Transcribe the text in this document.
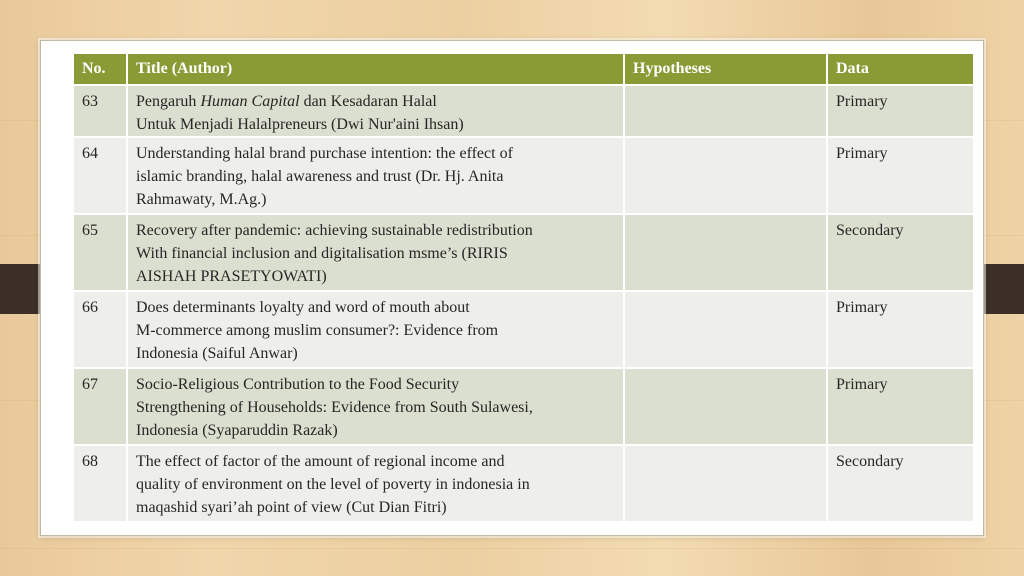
No.	Title (Author)	Hypotheses	Data
63	Pengaruh Human Capital dan Kesadaran Halal
Untuk Menjadi Halalpreneurs (Dwi Nur'aini Ihsan)		Primary
64	Understanding halal brand purchase intention: the effect of
islamic branding, halal awareness and trust (Dr. Hj. Anita
Rahmawaty, M.Ag.)		Primary
65	Recovery after pandemic: achieving sustainable redistribution
With financial inclusion and digitalisation msme’s (RIRIS
AISHAH PRASETYOWATI)		Secondary
66	Does determinants loyalty and word of mouth about
M-commerce among muslim consumer?: Evidence from
Indonesia (Saiful Anwar)		Primary
67	Socio-Religious Contribution to the Food Security
Strengthening of Households: Evidence from South Sulawesi,
Indonesia (Syaparuddin Razak)		Primary
68	The effect of factor of the amount of regional income and
quality of environment on the level of poverty in indonesia in
maqashid syari’ah point of view (Cut Dian Fitri)		Secondary
